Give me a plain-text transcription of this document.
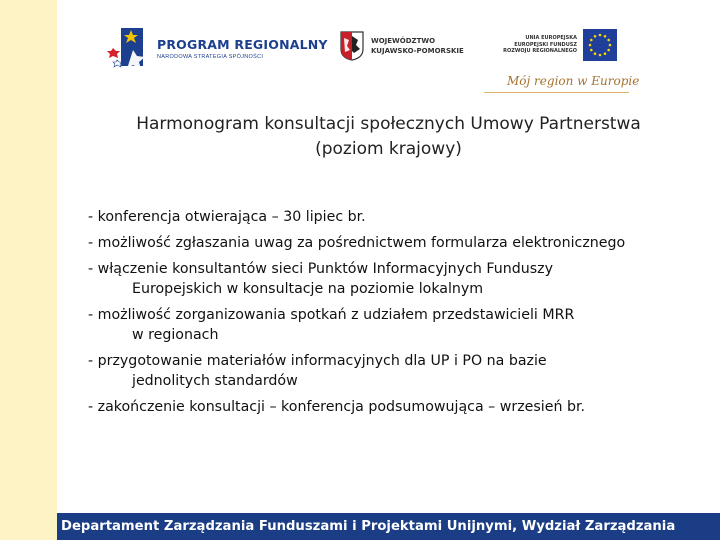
PROGRAM REGIONALNY
NARODOWA STRATEGIA SPÓJNOŚCI
WOJEWÓDZTWO
KUJAWSKO-POMORSKIE
UNIA EUROPEJSKA
EUROPEJSKI FUNDUSZ
ROZWOJU REGIONALNEGO
Mój region w Europie
Harmonogram konsultacji społecznych Umowy Partnerstwa
(poziom krajowy)
- konferencja otwierająca – 30 lipiec br.
- możliwość zgłaszania uwag za pośrednictwem formularza elektronicznego
- włączenie konsultantów sieci Punktów Informacyjnych Funduszy
Europejskich w konsultacje na poziomie lokalnym
- możliwość zorganizowania spotkań z udziałem przedstawicieli MRR
w regionach
- przygotowanie materiałów informacyjnych dla UP i PO na bazie
jednolitych standardów
- zakończenie konsultacji – konferencja podsumowująca – wrzesień br.
Departament Zarządzania Funduszami i Projektami Unijnymi, Wydział Zarządzania
